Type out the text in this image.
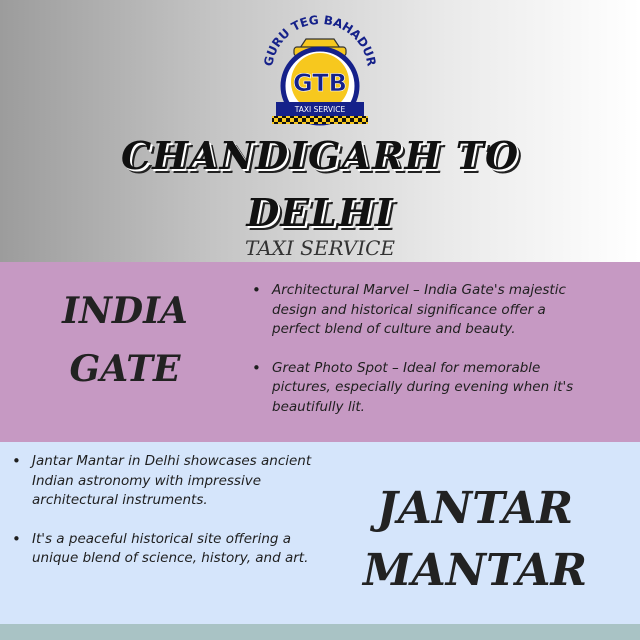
GURU TEG BAHADUR
GTB
TAXI SERVICE
CHANDIGARH TO
DELHI
TAXI SERVICE
INDIA
GATE
• Architectural Marvel – India Gate's majestic design and historical significance offer a perfect blend of culture and beauty.
• Great Photo Spot – Ideal for memorable pictures, especially during evening when it's beautifully lit.
• Jantar Mantar in Delhi showcases ancient Indian astronomy with impressive architectural instruments.
• It's a peaceful historical site offering a unique blend of science, history, and art.
JANTAR
MANTAR
